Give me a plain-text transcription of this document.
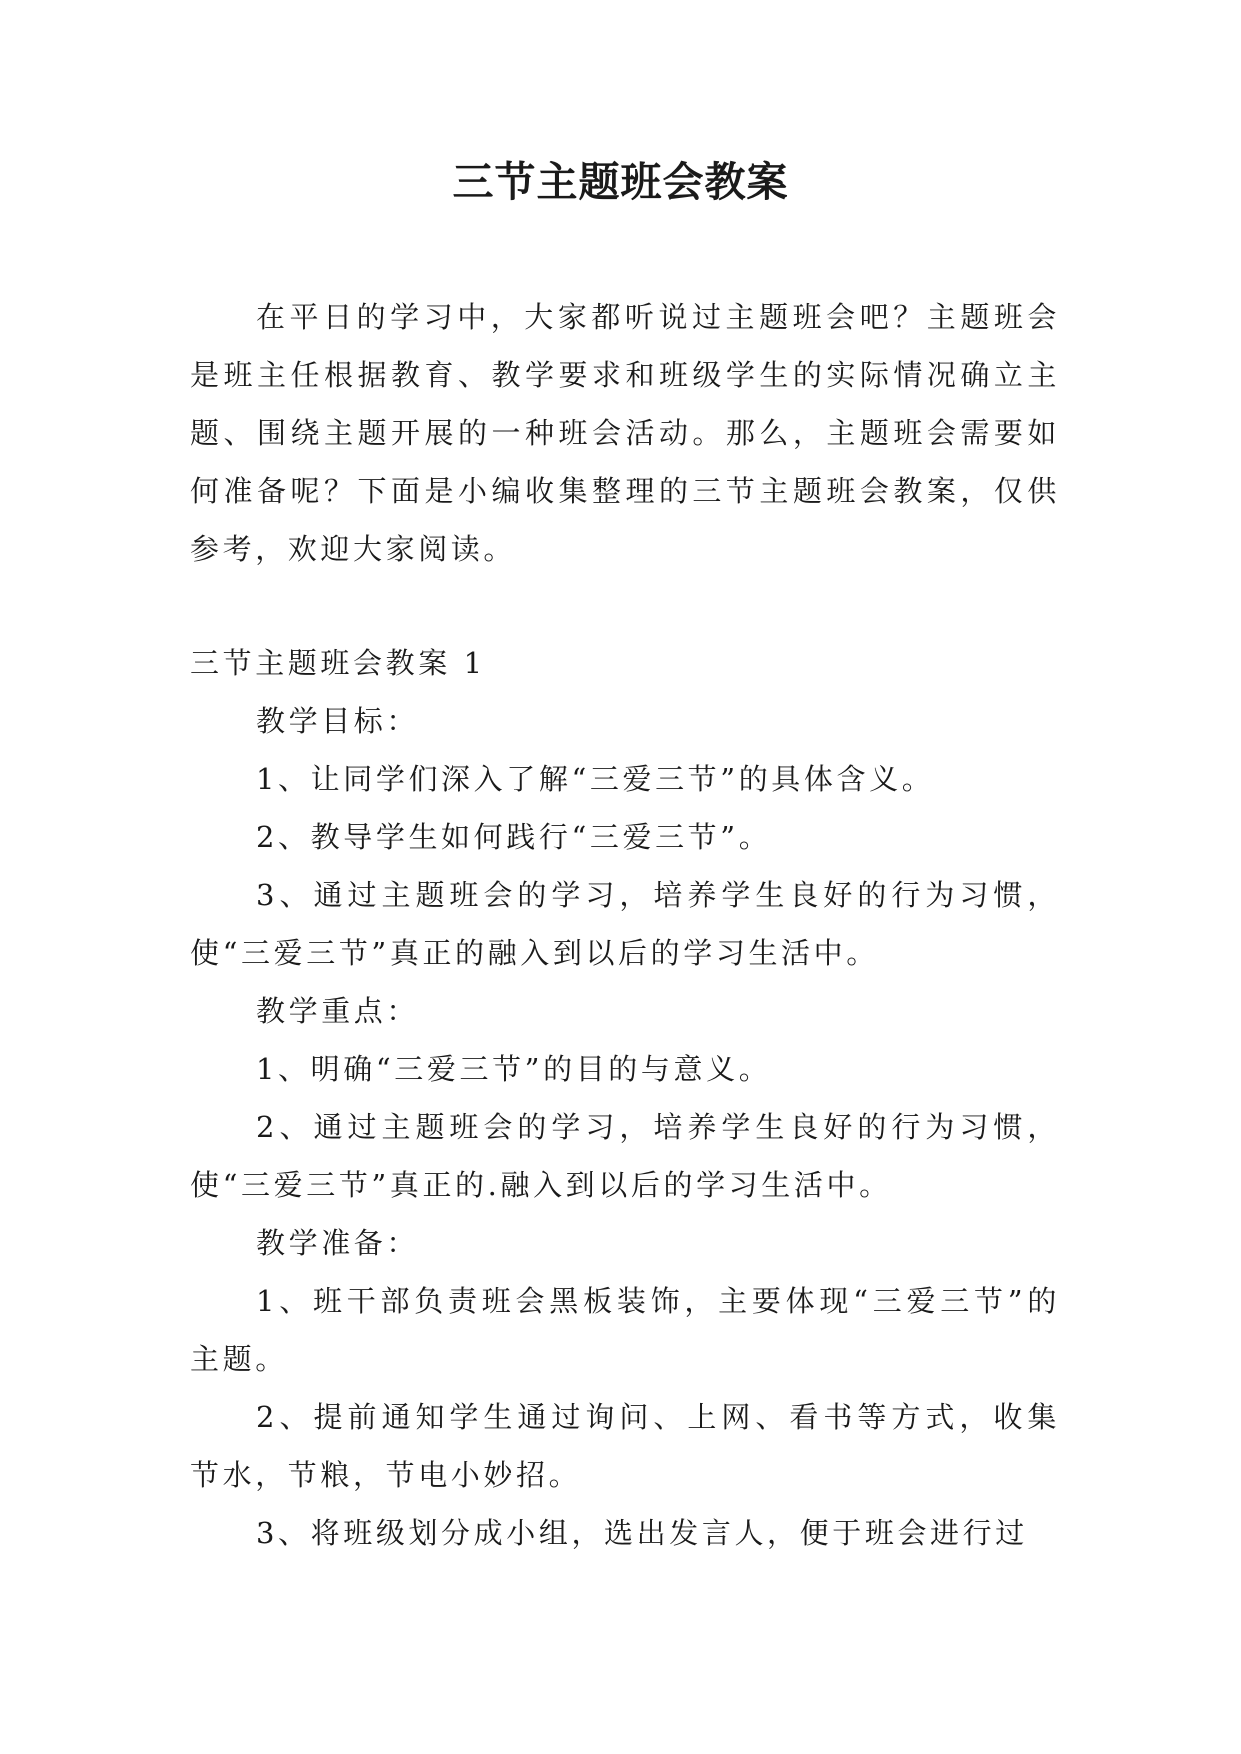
三节主题班会教案

在平日的学习中，大家都听说过主题班会吧？主题班会是班主任根据教育、教学要求和班级学生的实际情况确立主题、围绕主题开展的一种班会活动。那么，主题班会需要如何准备呢？下面是小编收集整理的三节主题班会教案，仅供参考，欢迎大家阅读。

三节主题班会教案 1

教学目标：

1、让同学们深入了解“三爱三节”的具体含义。

2、教导学生如何践行“三爱三节”。

3、通过主题班会的学习，培养学生良好的行为习惯，使“三爱三节”真正的融入到以后的学习生活中。

教学重点：

1、明确“三爱三节”的目的与意义。

2、通过主题班会的学习，培养学生良好的行为习惯，使“三爱三节”真正的.融入到以后的学习生活中。

教学准备：

1、班干部负责班会黑板装饰，主要体现“三爱三节”的主题。

2、提前通知学生通过询问、上网、看书等方式，收集节水，节粮，节电小妙招。

3、将班级划分成小组，选出发言人，便于班会进行过
